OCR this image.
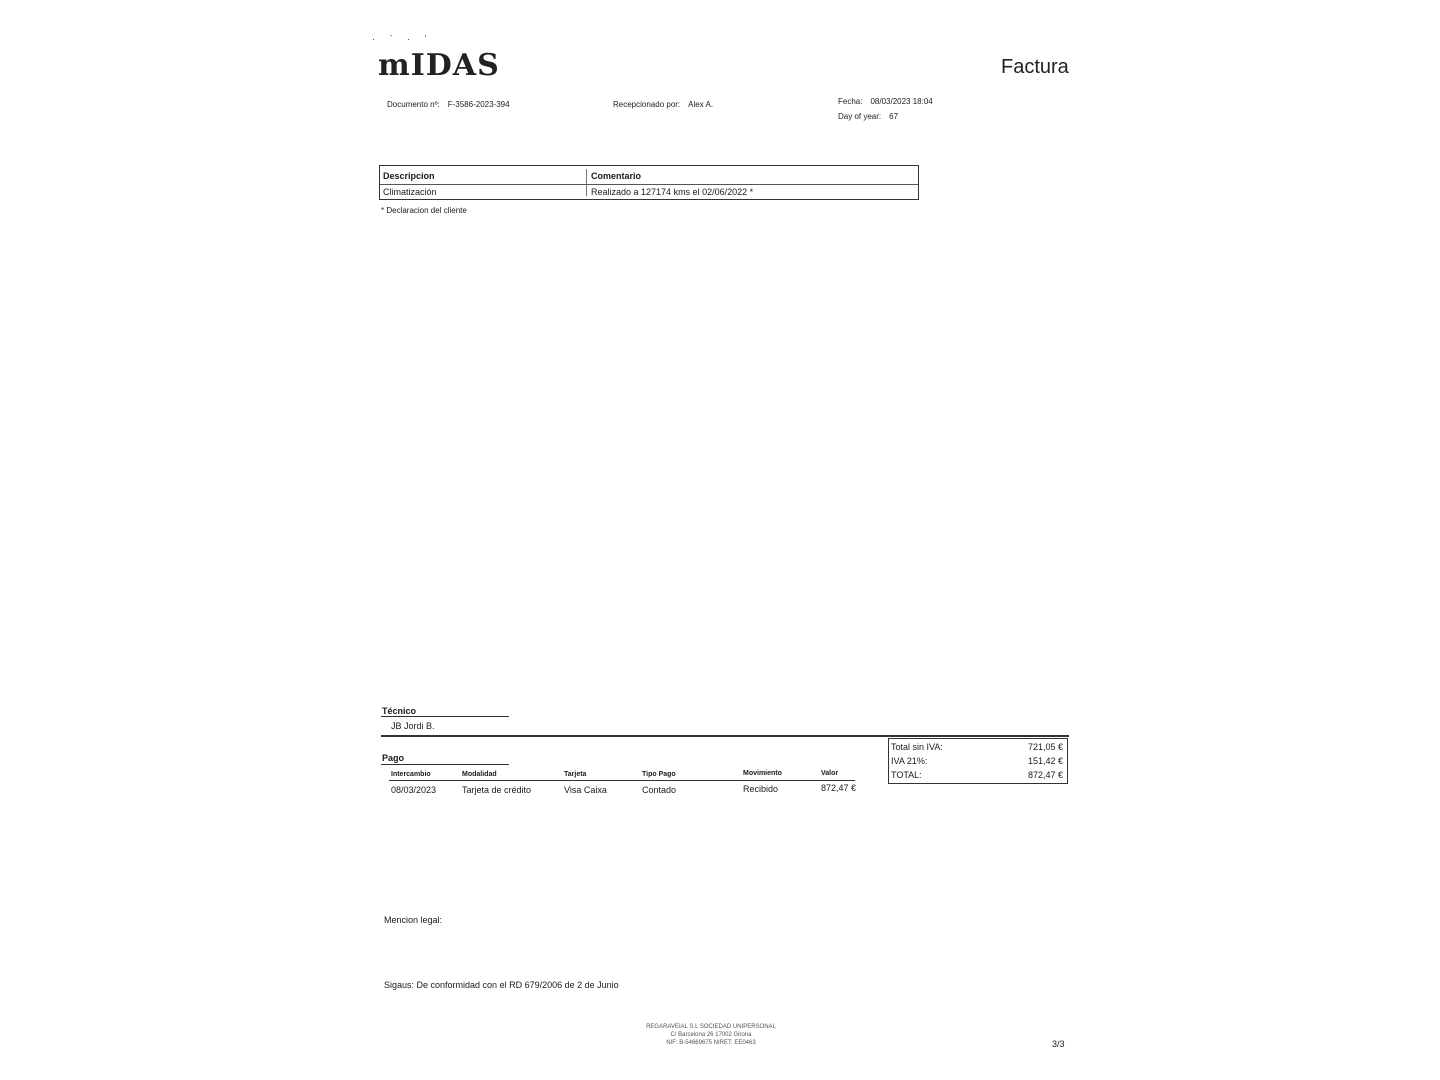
· ` · ʼ
mIDAS	Factura
Documento nº: F-3586-2023-394	Recepcionado por: Alex A.	Fecha: 08/03/2023 18:04
Day of year: 67
Descripcion	Comentario
Climatización	Realizado a 127174 kms el 02/06/2022 *
* Declaracion del cliente
Técnico
JB Jordi B.
Pago
Intercambio	Modalidad	Tarjeta	Tipo Pago	Movimiento	Valor
08/03/2023	Tarjeta de crédito	Visa Caixa	Contado	Recibido	872,47 €
Total sin IVA:	721,05 €
IVA 21%:	151,42 €
TOTAL:	872,47 €
Mencion legal:
Sigaus: De conformidad con el RD 679/2006 de 2 de Junio
REGARAVEIAL S.L SOCIEDAD UNIPERSONAL
C/ Barcelona 26 17002 Girona
NIF: B-54669675 NIRET: EE0463	3/3
